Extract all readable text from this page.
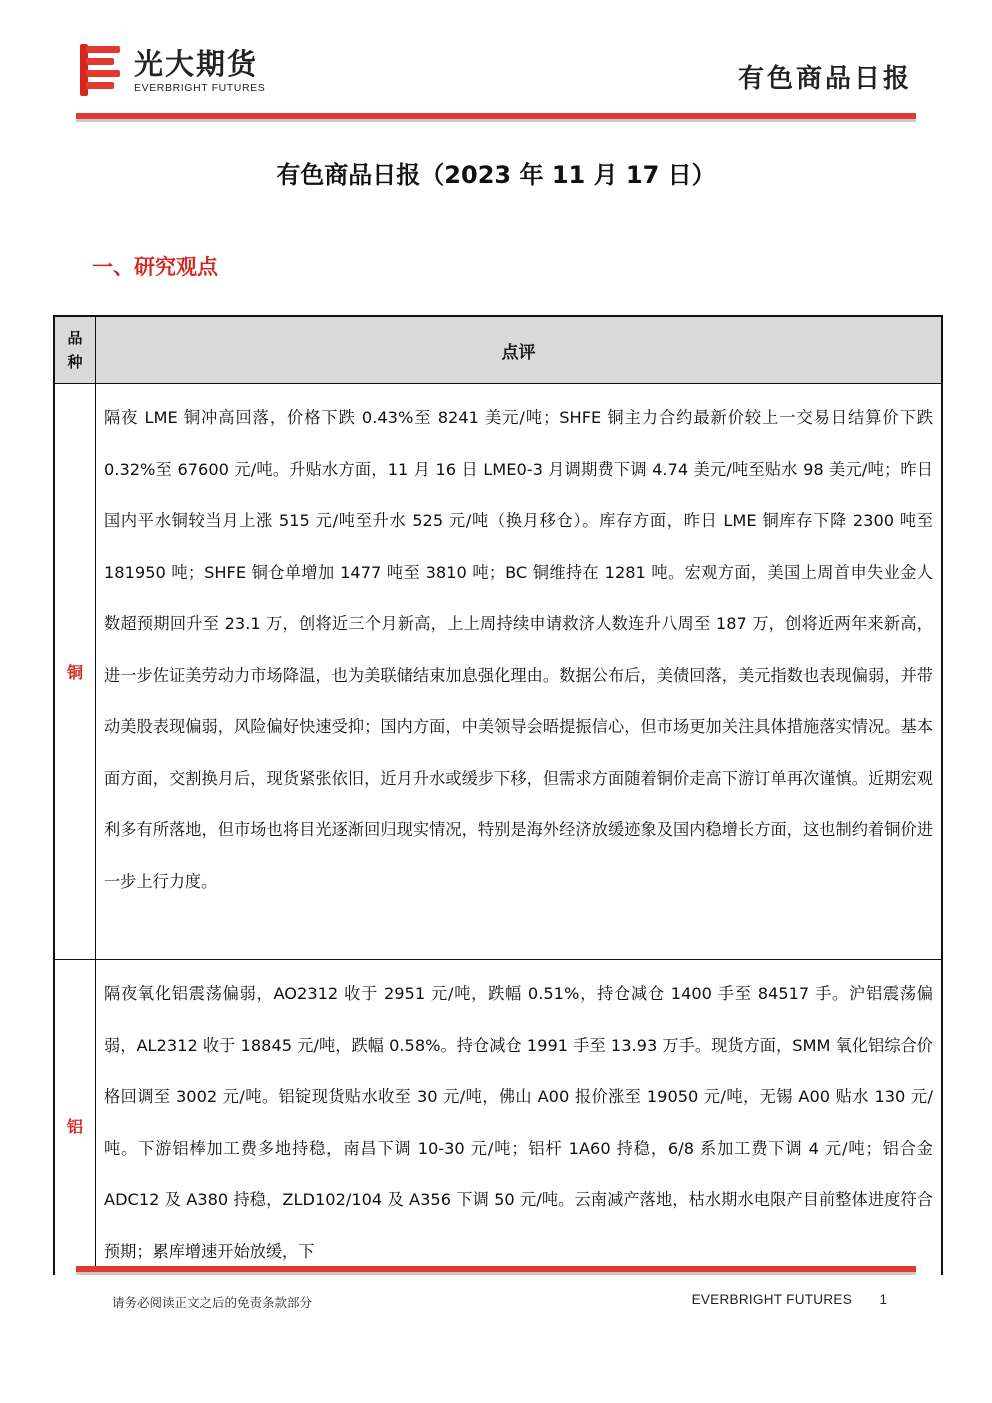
光大期货
EVERBRIGHT FUTURES	有色商品日报
有色商品日报（2023 年 11 月 17 日）
一、研究观点
品
种	点评
铜
隔夜 LME 铜冲高回落，价格下跌 0.43%至 8241 美元/吨；SHFE 铜主力合约最新价较上一交易日结算价下跌 0.32%至 67600 元/吨。升贴水方面，11 月 16 日 LME0-3 月调期费下调 4.74 美元/吨至贴水 98 美元/吨；昨日国内平水铜较当月上涨 515 元/吨至升水 525 元/吨（换月移仓）。库存方面，昨日 LME 铜库存下降 2300 吨至 181950 吨；SHFE 铜仓单增加 1477 吨至 3810 吨；BC 铜维持在 1281 吨。宏观方面，美国上周首申失业金人数超预期回升至 23.1 万，创将近三个月新高，上上周持续申请救济人数连升八周至 187 万，创将近两年来新高，进一步佐证美劳动力市场降温，也为美联储结束加息强化理由。数据公布后，美债回落，美元指数也表现偏弱，并带动美股表现偏弱，风险偏好快速受抑；国内方面，中美领导会晤提振信心，但市场更加关注具体措施落实情况。基本面方面，交割换月后，现货紧张依旧，近月升水或缓步下移，但需求方面随着铜价走高下游订单再次谨慎。近期宏观利多有所落地，但市场也将目光逐渐回归现实情况，特别是海外经济放缓迹象及国内稳增长方面，这也制约着铜价进一步上行力度。
铝
隔夜氧化铝震荡偏弱，AO2312 收于 2951 元/吨，跌幅 0.51%，持仓减仓 1400 手至 84517 手。沪铝震荡偏弱，AL2312 收于 18845 元/吨，跌幅 0.58%。持仓减仓 1991 手至 13.93 万手。现货方面，SMM 氧化铝综合价格回调至 3002 元/吨。铝锭现货贴水收至 30 元/吨，佛山 A00 报价涨至 19050 元/吨，无锡 A00 贴水 130 元/吨。下游铝棒加工费多地持稳，南昌下调 10-30 元/吨；铝杆 1A60 持稳，6/8 系加工费下调 4 元/吨；铝合金 ADC12 及 A380 持稳，ZLD102/104 及 A356 下调 50 元/吨。云南减产落地，枯水期水电限产目前整体进度符合预期；累库增速开始放缓，下
请务必阅读正文之后的免责条款部分	EVERBRIGHT FUTURES 1
